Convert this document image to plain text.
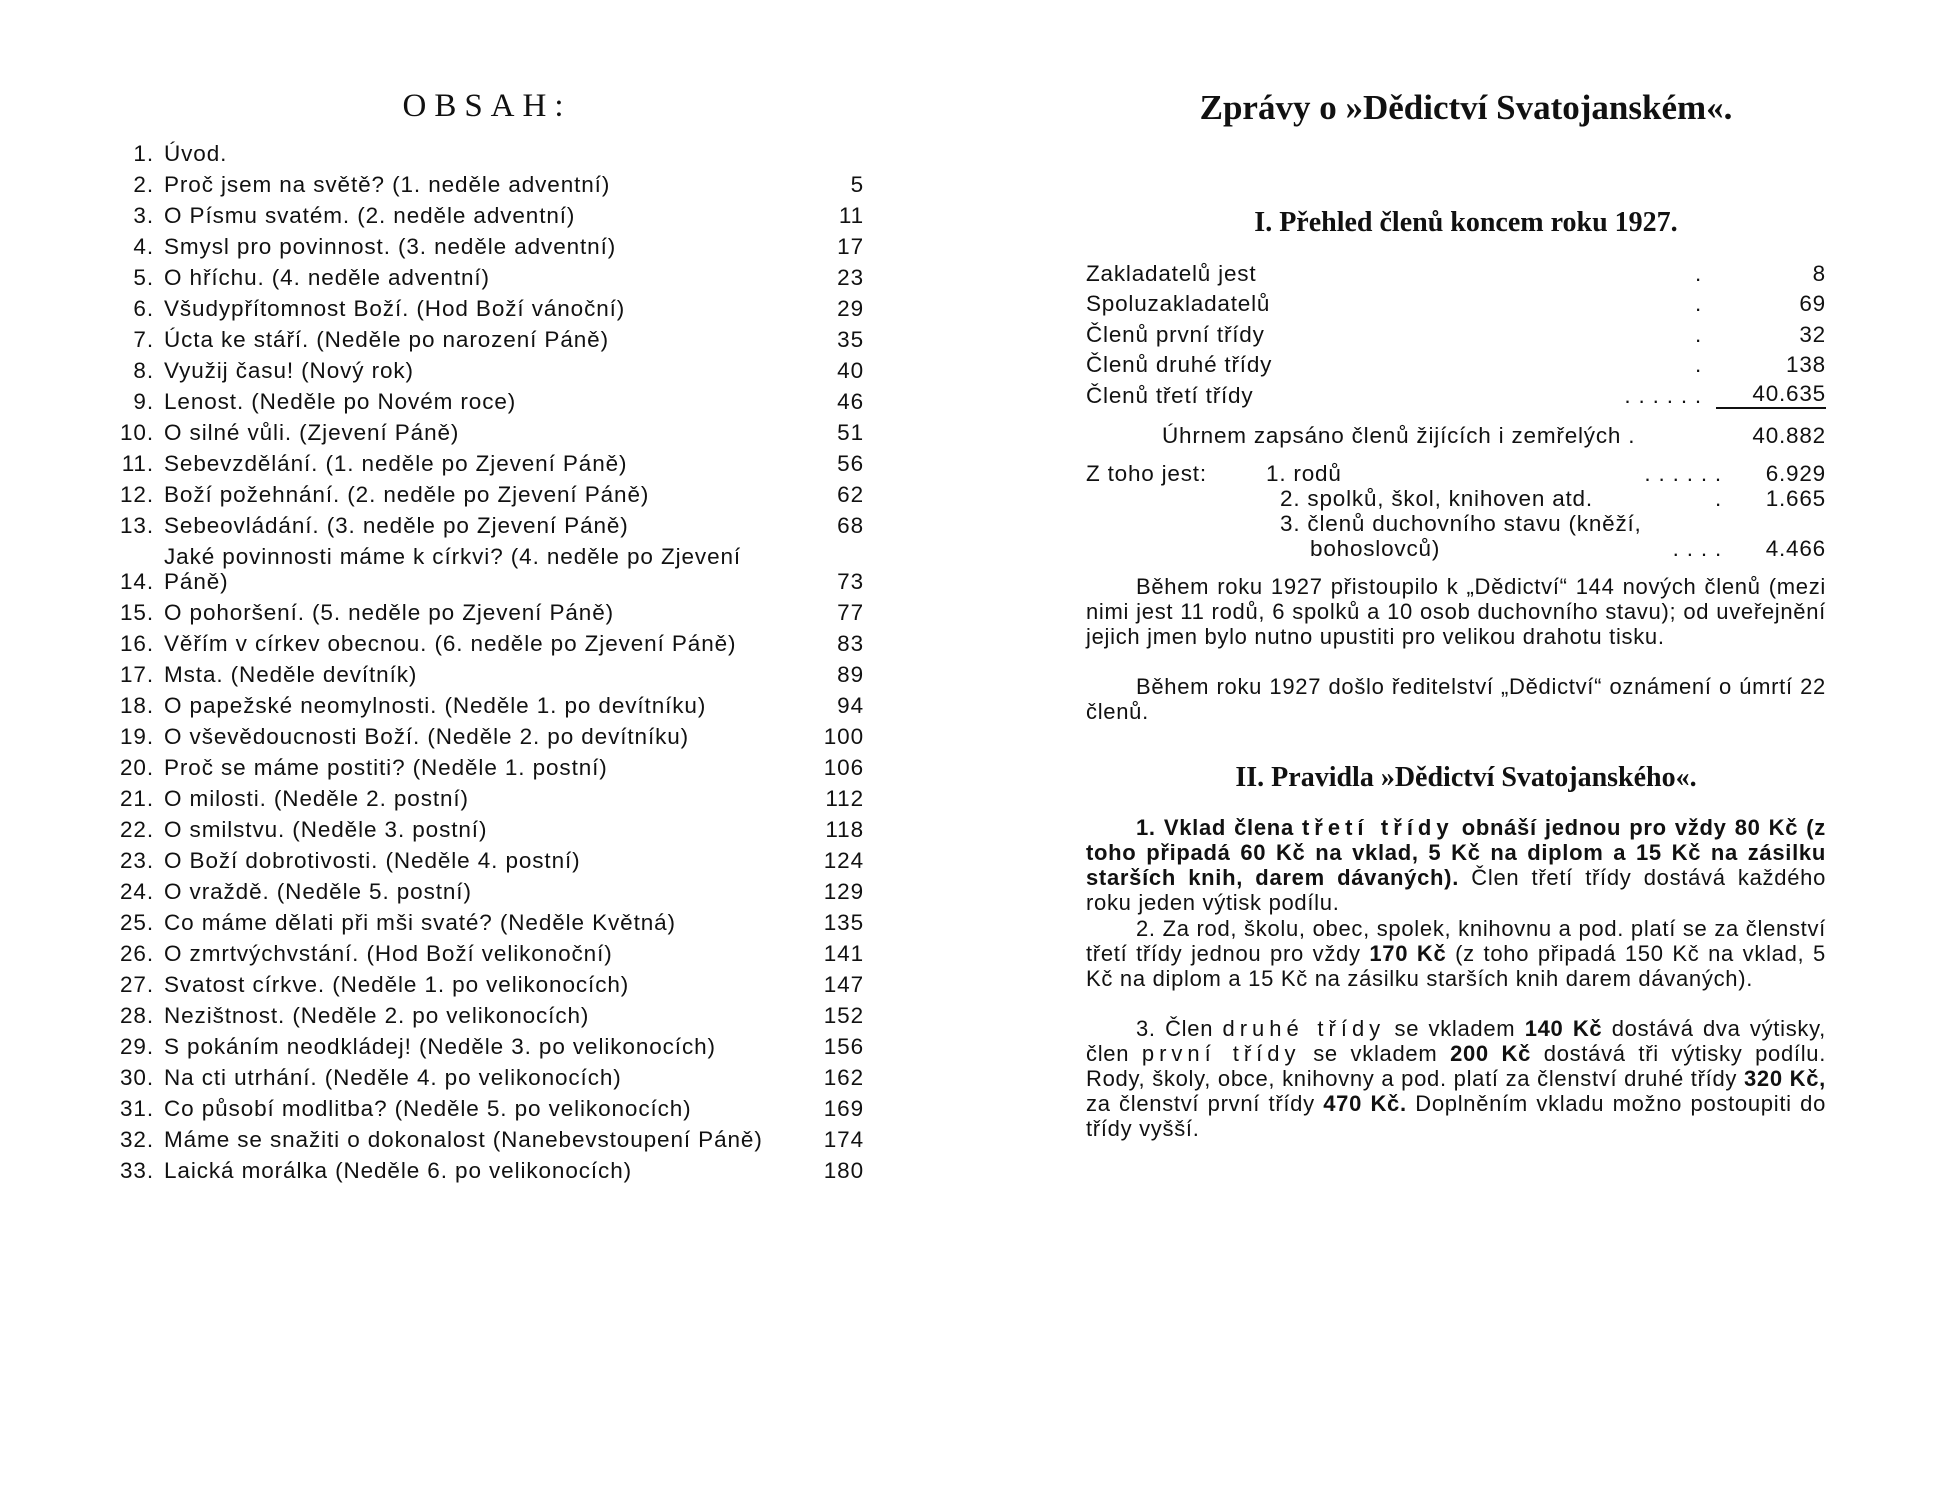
OBSAH:
1. Úvod.
2. Proč jsem na světě? (1. neděle adventní)	5
3. O Písmu svatém. (2. neděle adventní)	11
4. Smysl pro povinnost. (3. neděle adventní)	17
5. O hříchu. (4. neděle adventní)	23
6. Všudypřítomnost Boží. (Hod Boží vánoční)	29
7. Úcta ke stáří. (Neděle po narození Páně)	35
8. Využij času! (Nový rok)	40
9. Lenost. (Neděle po Novém roce)	46
10. O silné vůli. (Zjevení Páně)	51
11. Sebevzdělání. (1. neděle po Zjevení Páně)	56
12. Boží požehnání. (2. neděle po Zjevení Páně)	62
13. Sebeovládání. (3. neděle po Zjevení Páně)	68
14.
Jaké povinnosti máme k církvi? (4. neděle po Zjevení Páně)	73
15. O pohoršení. (5. neděle po Zjevení Páně)	77
16. Věřím v církev obecnou. (6. neděle po Zjevení Páně)	83
17. Msta. (Neděle devítník)	89
18. O papežské neomylnosti. (Neděle 1. po devítníku)	94
19. O vševědoucnosti Boží. (Neděle 2. po devítníku)	100
20. Proč se máme postiti? (Neděle 1. postní)	106
21. O milosti. (Neděle 2. postní)	112
22. O smilstvu. (Neděle 3. postní)	118
23. O Boží dobrotivosti. (Neděle 4. postní)	124
24. O vraždě. (Neděle 5. postní)	129
25. Co máme dělati při mši svaté? (Neděle Květná)	135
26. O zmrtvýchvstání. (Hod Boží velikonoční)	141
27. Svatost církve. (Neděle 1. po velikonocích)	147
28. Nezištnost. (Neděle 2. po velikonocích)	152
29. S pokáním neodkládej! (Neděle 3. po velikonocích)	156
30. Na cti utrhání. (Neděle 4. po velikonocích)	162
31. Co působí modlitba? (Neděle 5. po velikonocích)	169
32. Máme se snažiti o dokonalost (Nanebevstoupení Páně)	174
33. Laická morálka (Neděle 6. po velikonocích)	180
Zprávy o »Dědictví Svatojanském«.
I. Přehled členů koncem roku 1927.
Zakladatelů jest	.	8
Spoluzakladatelů	.	69
Členů první třídy	.	32
Členů druhé třídy	.	138
Členů třetí třídy	. . . . . .	40.635
Úhrnem zapsáno členů žijících i zemřelých .	40.882
Z toho jest:	1. rodů	. . . . . .	6.929
2. spolků, škol, knihoven atd.	.	1.665
3. členů duchovního stavu (kněží,
bohoslovců)	. . . .	4.466

Během roku 1927 přistoupilo k „Dědictví“ 144 nových členů (mezi nimi jest 11 rodů, 6 spolků a 10 osob duchovního stavu); od uveřejnění jejich jmen bylo nutno upustiti pro velikou drahotu tisku.

Během roku 1927 došlo ředitelství „Dědictví“ oznámení o úmrtí 22 členů.

II. Pravidla »Dědictví Svatojanského«.

1. Vklad člena třetí třídy obnáší jednou pro vždy 80 Kč (z toho připadá 60 Kč na vklad, 5 Kč na diplom a 15 Kč na zásilku starších knih, darem dávaných). Člen třetí třídy dostává každého roku jeden výtisk podílu.

2. Za rod, školu, obec, spolek, knihovnu a pod. platí se za členství třetí třídy jednou pro vždy 170 Kč (z toho připadá 150 Kč na vklad, 5 Kč na diplom a 15 Kč na zásilku starších knih darem dávaných).

3. Člen druhé třídy se vkladem 140 Kč dostává dva výtisky, člen první třídy se vkladem 200 Kč dostává tři výtisky podílu. Rody, školy, obce, knihovny a pod. platí za členství druhé třídy 320 Kč, za členství první třídy 470 Kč. Doplněním vkladu možno postoupiti do třídy vyšší.
